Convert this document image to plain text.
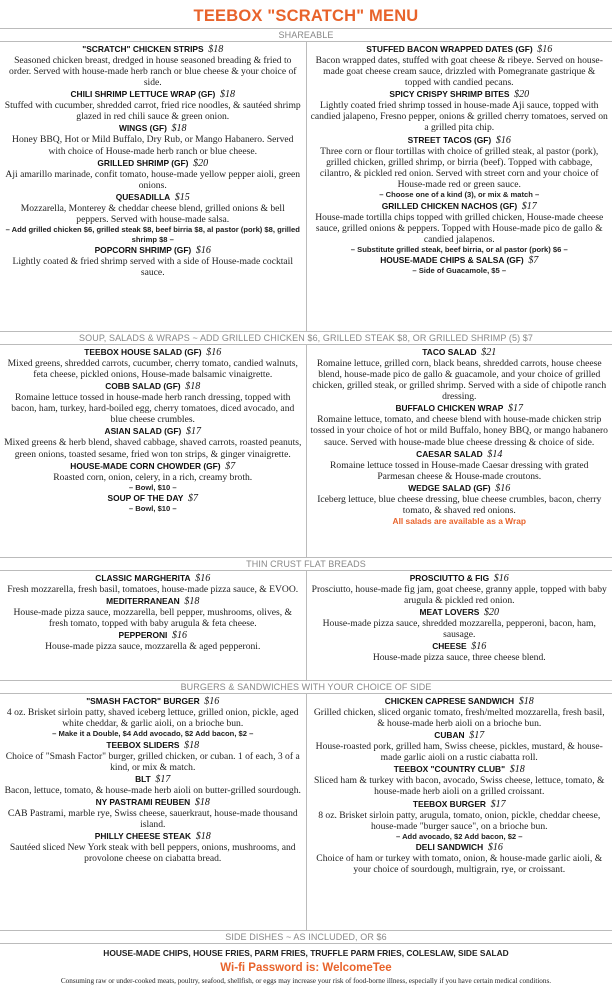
TEEBOX "SCRATCH" MENU
SHAREABLE
"SCRATCH" CHICKEN STRIPS $18
Seasoned chicken breast, dredged in house seasoned breading & fried to order. Served with house-made herb ranch or blue cheese & your choice of side.
CHILI SHRIMP LETTUCE WRAP (GF) $18
Stuffed with cucumber, shredded carrot, fried rice noodles, & sautéed shrimp glazed in red chili sauce & green onion.
WINGS (GF) $18
Honey BBQ, Hot or Mild Buffalo, Dry Rub, or Mango Habanero. Served with choice of House-made herb ranch or blue cheese.
GRILLED SHRIMP (GF) $20
Aji amarillo marinade, confit tomato, house-made yellow pepper aioli, green onions.
QUESADILLA $15
Mozzarella, Monterey & cheddar cheese blend, grilled onions & bell peppers. Served with house-made salsa.
– Add grilled chicken $6, grilled steak $8, beef birria $8, al pastor (pork) $8, grilled shrimp $8 –
POPCORN SHRIMP (GF) $16
Lightly coated & fried shrimp served with a side of House-made cocktail sauce.
STUFFED BACON WRAPPED DATES (GF) $16
Bacon wrapped dates, stuffed with goat cheese & ribeye. Served on house-made goat cheese cream sauce, drizzled with Pomegranate gastrique & topped with candied pecans.
SPICY CRISPY SHRIMP BITES $20
Lightly coated fried shrimp tossed in house-made Aji sauce, topped with candied jalapeno, Fresno pepper, onions & grilled cherry tomatoes, served on a grilled pita chip.
STREET TACOS (GF) $16
Three corn or flour tortillas with choice of grilled steak, al pastor (pork), grilled chicken, grilled shrimp, or birria (beef). Topped with cabbage, cilantro, & pickled red onion. Served with street corn and your choice of House-made red or green sauce.
– Choose one of a kind (3), or mix & match –
GRILLED CHICKEN NACHOS (GF) $17
House-made tortilla chips topped with grilled chicken, House-made cheese sauce, grilled onions & peppers. Topped with House-made pico de gallo & candied jalapenos.
– Substitute grilled steak, beef birria, or al pastor (pork) $6 –
HOUSE-MADE CHIPS & SALSA (GF) $7
– Side of Guacamole, $5 –
SOUP, SALADS & WRAPS ~ ADD GRILLED CHICKEN $6, GRILLED STEAK $8, OR GRILLED SHRIMP (5) $7
TEEBOX HOUSE SALAD (GF) $16
Mixed greens, shredded carrots, cucumber, cherry tomato, candied walnuts, feta cheese, pickled onions, House-made balsamic vinaigrette.
COBB SALAD (GF) $18
Romaine lettuce tossed in house-made herb ranch dressing, topped with bacon, ham, turkey, hard-boiled egg, cherry tomatoes, diced avocado, and blue cheese crumbles.
ASIAN SALAD (GF) $17
Mixed greens & herb blend, shaved cabbage, shaved carrots, roasted peanuts, green onions, toasted sesame, fried won ton strips, & ginger vinaigrette.
HOUSE-MADE CORN CHOWDER (GF) $7
Roasted corn, onion, celery, in a rich, creamy broth.
– Bowl, $10 –
SOUP OF THE DAY $7
– Bowl, $10 –
TACO SALAD $21
Romaine lettuce, grilled corn, black beans, shredded carrots, house cheese blend, house-made pico de gallo & guacamole, and your choice of grilled chicken, grilled steak, or grilled shrimp. Served with a side of chipotle ranch dressing.
BUFFALO CHICKEN WRAP $17
Romaine lettuce, tomato, and cheese blend with house-made chicken strip tossed in your choice of hot or mild Buffalo, honey BBQ, or mango habanero sauce. Served with house-made blue cheese dressing & choice of side.
CAESAR SALAD $14
Romaine lettuce tossed in House-made Caesar dressing with grated Parmesan cheese & House-made croutons.
WEDGE SALAD (GF) $16
Iceberg lettuce, blue cheese dressing, blue cheese crumbles, bacon, cherry tomato, & shaved red onions.
All salads are available as a Wrap
THIN CRUST FLAT BREADS
CLASSIC MARGHERITA $16
Fresh mozzarella, fresh basil, tomatoes, house-made pizza sauce, & EVOO.
MEDITERRANEAN $18
House-made pizza sauce, mozzarella, bell pepper, mushrooms, olives, & fresh tomato, topped with baby arugula & feta cheese.
PEPPERONI $16
House-made pizza sauce, mozzarella & aged pepperoni.
PROSCIUTTO & FIG $16
Prosciutto, house-made fig jam, goat cheese, granny apple, topped with baby arugula & pickled red onion.
MEAT LOVERS $20
House-made pizza sauce, shredded mozzarella, pepperoni, bacon, ham, sausage.
CHEESE $16
House-made pizza sauce, three cheese blend.
BURGERS & SANDWICHES WITH YOUR CHOICE OF SIDE
"SMASH FACTOR" BURGER $16
4 oz. Brisket sirloin patty, shaved iceberg lettuce, grilled onion, pickle, aged white cheddar, & garlic aioli, on a brioche bun.
– Make it a Double, $4 Add avocado, $2 Add bacon, $2 –
TEEBOX SLIDERS $18
Choice of "Smash Factor" burger, grilled chicken, or cuban. 1 of each, 3 of a kind, or mix & match.
BLT $17
Bacon, lettuce, tomato, & house-made herb aioli on butter-grilled sourdough.
NY PASTRAMI REUBEN $18
CAB Pastrami, marble rye, Swiss cheese, sauerkraut, house-made thousand island.
PHILLY CHEESE STEAK $18
Sautéed sliced New York steak with bell peppers, onions, mushrooms, and provolone cheese on ciabatta bread.
CHICKEN CAPRESE SANDWICH $18
Grilled chicken, sliced organic tomato, fresh/melted mozzarella, fresh basil, & house-made herb aioli on a brioche bun.
CUBAN $17
House-roasted pork, grilled ham, Swiss cheese, pickles, mustard, & house-made garlic aioli on a rustic ciabatta roll.
TEEBOX "COUNTRY CLUB" $18
Sliced ham & turkey with bacon, avocado, Swiss cheese, lettuce, tomato, & house-made herb aioli on a grilled croissant.
TEEBOX BURGER $17
8 oz. Brisket sirloin patty, arugula, tomato, onion, pickle, cheddar cheese, house-made "burger sauce", on a brioche bun.
– Add avocado, $2 Add bacon, $2 –
DELI SANDWICH $16
Choice of ham or turkey with tomato, onion, & house-made garlic aioli, & your choice of sourdough, multigrain, rye, or croissant.
SIDE DISHES ~ AS INCLUDED, OR $6
HOUSE-MADE CHIPS, HOUSE FRIES, PARM FRIES, TRUFFLE PARM FRIES, COLESLAW, SIDE SALAD
Wi-fi Password is: WelcomeTee
Consuming raw or under-cooked meats, poultry, seafood, shellfish, or eggs may increase your risk of food-borne illness, especially if you have certain medical conditions.
